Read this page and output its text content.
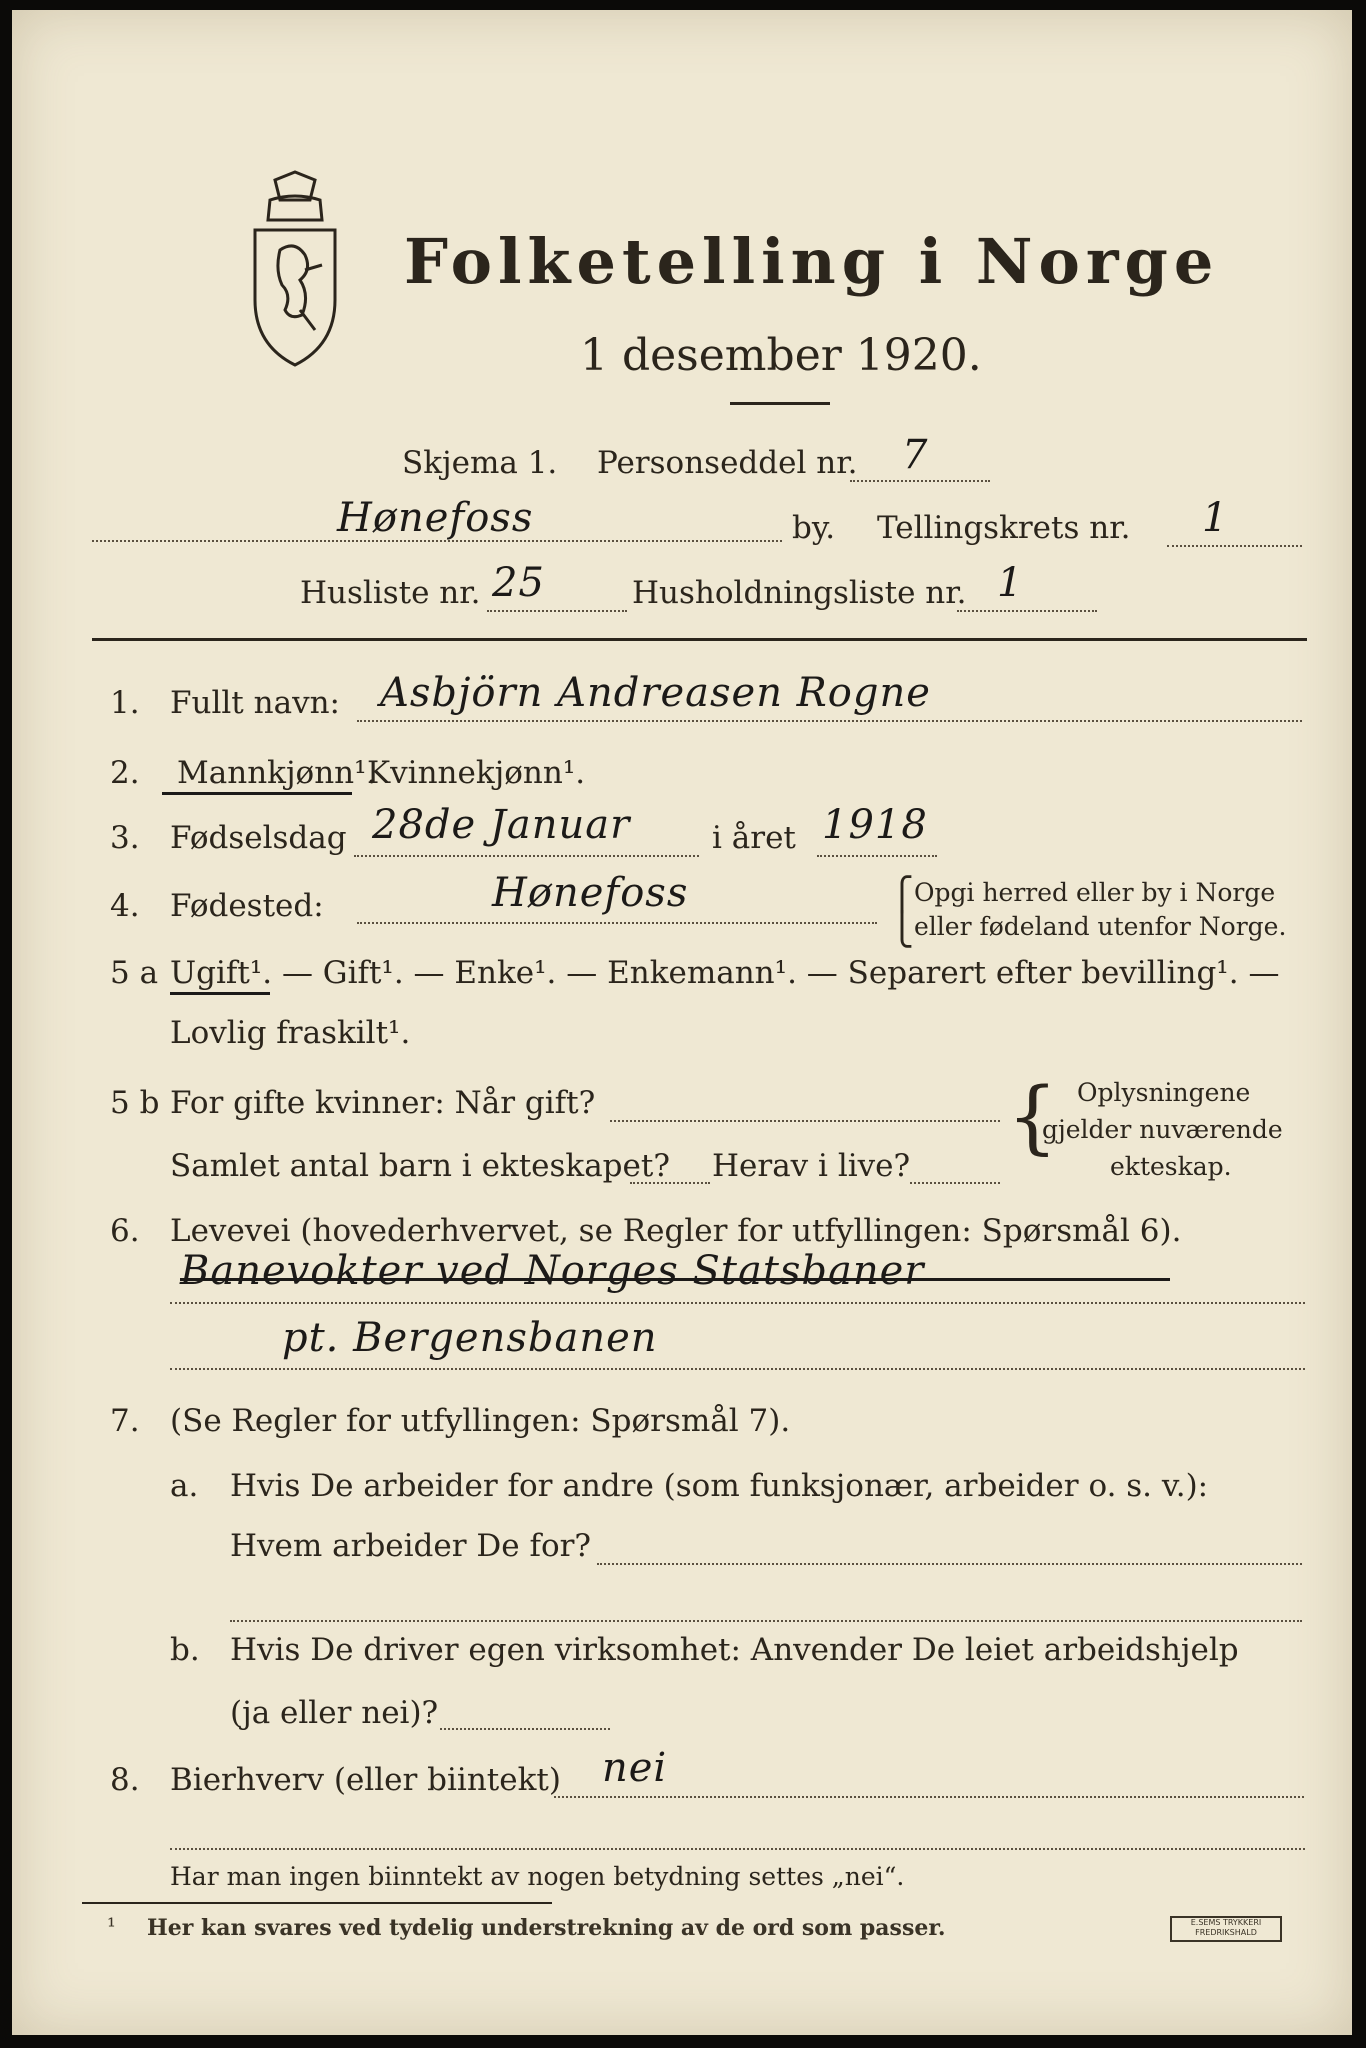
Folketelling i Norge
1 desember 1920.
Skjema 1. Personseddel nr. 7
Hønefoss	by. Tellingskrets nr. 1
Husliste nr. 25	Husholdningsliste nr. 1
1. Fullt navn: Asbjörn Andreasen Rogne
2. Mannkjønn¹.
Kvinnekjønn¹.
3. Fødselsdag 28de Januar	i året 1918
4. Fødested:	Hønefoss	⎧
⎩
Opgi herred eller by i Norge
eller fødeland utenfor Norge.
5 a Ugift¹. — Gift¹. — Enke¹. — Enkemann¹. — Separert efter bevilling¹. —
Lovlig fraskilt¹.
5 b For gifte kvinner: Når gift?
Samlet antal barn i ekteskapet? Herav i live?
{ Oplysningene
gjelder nuværende
ekteskap.
6. Levevei (hovederhvervet, se Regler for utfyllingen: Spørsmål 6).
Banevokter ved Norges Statsbaner
pt. Bergensbanen
7. (Se Regler for utfyllingen: Spørsmål 7).
a. Hvis De arbeider for andre (som funksjonær, arbeider o. s. v.):
Hvem arbeider De for?
b. Hvis De driver egen virksomhet: Anvender De leiet arbeidshjelp
(ja eller nei)?
8. Bierhverv (eller biintekt) nei
Har man ingen biinntekt av nogen betydning settes „nei“.
¹ Her kan svares ved tydelig understrekning av de ord som passer.	E.SEMS TRYKKERI FREDRIKSHALD
